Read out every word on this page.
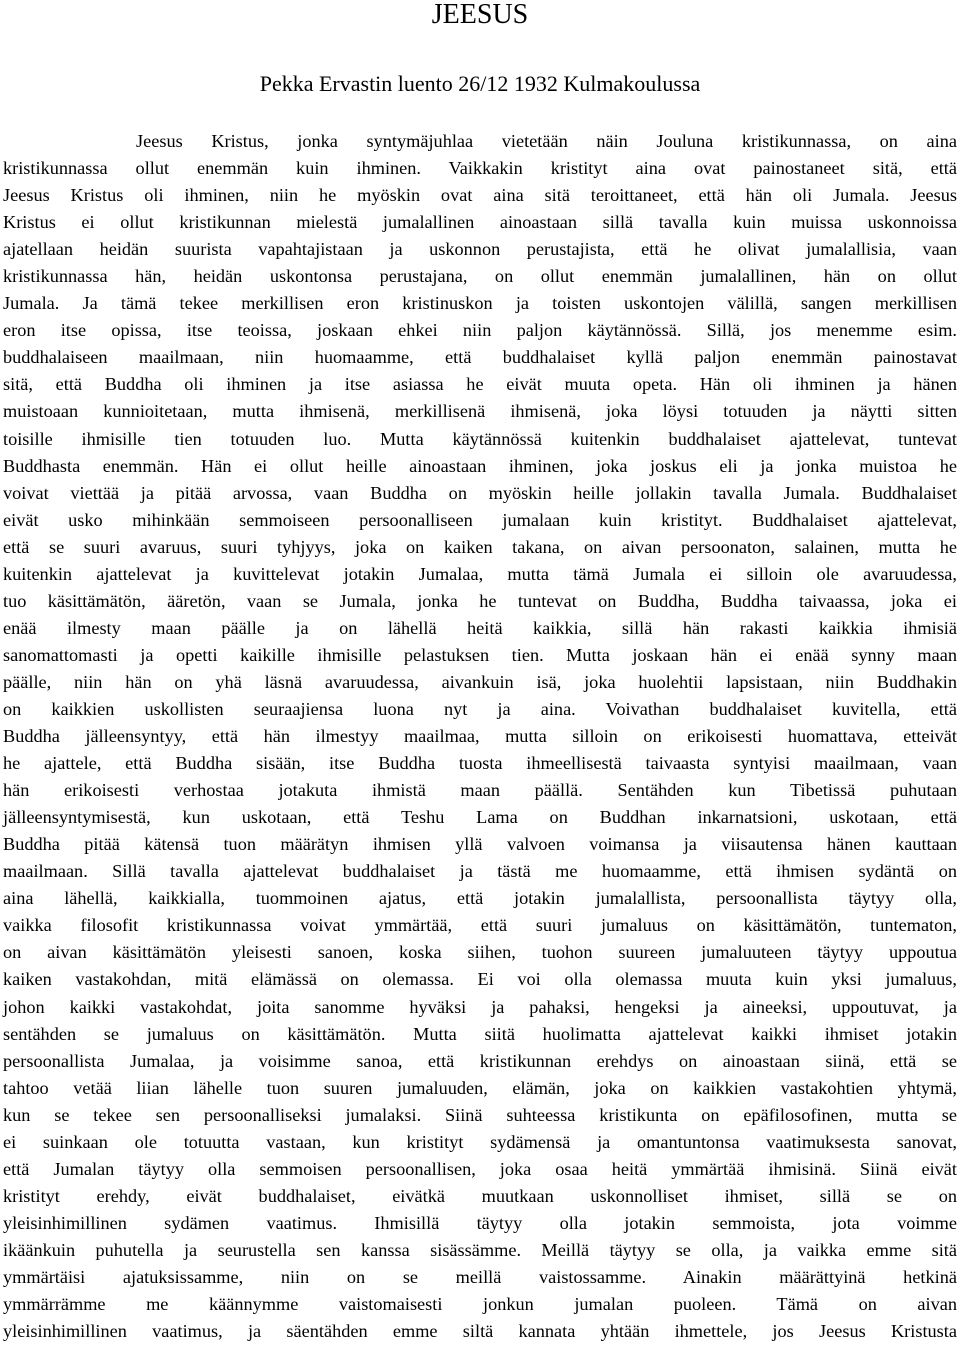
JEESUS
Pekka Ervastin luento 26/12 1932 Kulmakoulussa
Jeesus Kristus, jonka syntymäjuhlaa vietetään näin Jouluna kristikunnassa, on aina
kristikunnassa ollut enemmän kuin ihminen. Vaikkakin kristityt aina ovat painostaneet sitä, että
Jeesus Kristus oli ihminen, niin he myöskin ovat aina sitä teroittaneet, että hän oli Jumala. Jeesus
Kristus ei ollut kristikunnan mielestä jumalallinen ainoastaan sillä tavalla kuin muissa uskonnoissa
ajatellaan heidän suurista vapahtajistaan ja uskonnon perustajista, että he olivat jumalallisia, vaan
kristikunnassa hän, heidän uskontonsa perustajana, on ollut enemmän jumalallinen, hän on ollut
Jumala. Ja tämä tekee merkillisen eron kristinuskon ja toisten uskontojen välillä, sangen merkillisen
eron itse opissa, itse teoissa, joskaan ehkei niin paljon käytännössä. Sillä, jos menemme esim.
buddhalaiseen maailmaan, niin huomaamme, että buddhalaiset kyllä paljon enemmän painostavat
sitä, että Buddha oli ihminen ja itse asiassa he eivät muuta opeta. Hän oli ihminen ja hänen
muistoaan kunnioitetaan, mutta ihmisenä, merkillisenä ihmisenä, joka löysi totuuden ja näytti sitten
toisille ihmisille tien totuuden luo. Mutta käytännössä kuitenkin buddhalaiset ajattelevat, tuntevat
Buddhasta enemmän. Hän ei ollut heille ainoastaan ihminen, joka joskus eli ja jonka muistoa he
voivat viettää ja pitää arvossa, vaan Buddha on myöskin heille jollakin tavalla Jumala. Buddhalaiset
eivät usko mihinkään semmoiseen persoonalliseen jumalaan kuin kristityt. Buddhalaiset ajattelevat,
että se suuri avaruus, suuri tyhjyys, joka on kaiken takana, on aivan persoonaton, salainen, mutta he
kuitenkin ajattelevat ja kuvittelevat jotakin Jumalaa, mutta tämä Jumala ei silloin ole avaruudessa,
tuo käsittämätön, ääretön, vaan se Jumala, jonka he tuntevat on Buddha, Buddha taivaassa, joka ei
enää ilmesty maan päälle ja on lähellä heitä kaikkia, sillä hän rakasti kaikkia ihmisiä
sanomattomasti ja opetti kaikille ihmisille pelastuksen tien. Mutta joskaan hän ei enää synny maan
päälle, niin hän on yhä läsnä avaruudessa, aivankuin isä, joka huolehtii lapsistaan, niin Buddhakin
on kaikkien uskollisten seuraajiensa luona nyt ja aina. Voivathan buddhalaiset kuvitella, että
Buddha jälleensyntyy, että hän ilmestyy maailmaa, mutta silloin on erikoisesti huomattava, etteivät
he ajattele, että Buddha sisään, itse Buddha tuosta ihmeellisestä taivaasta syntyisi maailmaan, vaan
hän erikoisesti verhostaa jotakuta ihmistä maan päällä. Sentähden kun Tibetissä puhutaan
jälleensyntymisestä, kun uskotaan, että Teshu Lama on Buddhan inkarnatsioni, uskotaan, että
Buddha pitää kätensä tuon määrätyn ihmisen yllä valvoen voimansa ja viisautensa hänen kauttaan
maailmaan. Sillä tavalla ajattelevat buddhalaiset ja tästä me huomaamme, että ihmisen sydäntä on
aina lähellä, kaikkialla, tuommoinen ajatus, että jotakin jumalallista, persoonallista täytyy olla,
vaikka filosofit kristikunnassa voivat ymmärtää, että suuri jumaluus on käsittämätön, tuntematon,
on aivan käsittämätön yleisesti sanoen, koska siihen, tuohon suureen jumaluuteen täytyy uppoutua
kaiken vastakohdan, mitä elämässä on olemassa. Ei voi olla olemassa muuta kuin yksi jumaluus,
johon kaikki vastakohdat, joita sanomme hyväksi ja pahaksi, hengeksi ja aineeksi, uppoutuvat, ja
sentähden se jumaluus on käsittämätön. Mutta siitä huolimatta ajattelevat kaikki ihmiset jotakin
persoonallista Jumalaa, ja voisimme sanoa, että kristikunnan erehdys on ainoastaan siinä, että se
tahtoo vetää liian lähelle tuon suuren jumaluuden, elämän, joka on kaikkien vastakohtien yhtymä,
kun se tekee sen persoonalliseksi jumalaksi. Siinä suhteessa kristikunta on epäfilosofinen, mutta se
ei suinkaan ole totuutta vastaan, kun kristityt sydämensä ja omantuntonsa vaatimuksesta sanovat,
että Jumalan täytyy olla semmoisen persoonallisen, joka osaa heitä ymmärtää ihmisinä. Siinä eivät
kristityt erehdy, eivät buddhalaiset, eivätkä muutkaan uskonnolliset ihmiset, sillä se on
yleisinhimillinen sydämen vaatimus. Ihmisillä täytyy olla jotakin semmoista, jota voimme
ikäänkuin puhutella ja seurustella sen kanssa sisässämme. Meillä täytyy se olla, ja vaikka emme sitä
ymmärtäisi ajatuksissamme, niin on se meillä vaistossamme. Ainakin määrättyinä hetkinä
ymmärrämme me käännymme vaistomaisesti jonkun jumalan puoleen. Tämä on aivan
yleisinhimillinen vaatimus, ja säentähden emme siltä kannata yhtään ihmettele, jos Jeesus Kristusta
